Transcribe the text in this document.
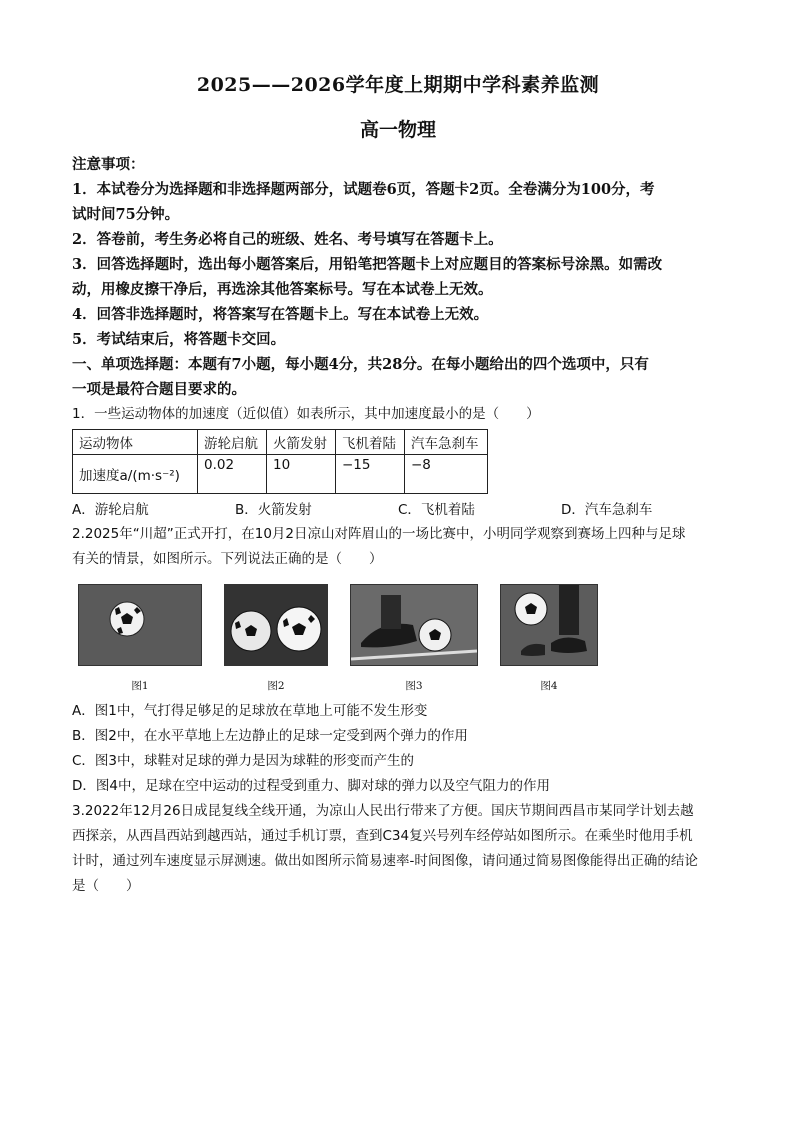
2025——2026学年度上期期中学科素养监测
高一物理

注意事项：

1．本试卷分为选择题和非选择题两部分，试题卷6页，答题卡2页。全卷满分为100分，考

试时间75分钟。

2．答卷前，考生务必将自己的班级、姓名、考号填写在答题卡上。

3．回答选择题时，选出每小题答案后，用铅笔把答题卡上对应题目的答案标号涂黑。如需改

动，用橡皮擦干净后，再选涂其他答案标号。写在本试卷上无效。

4．回答非选择题时，将答案写在答题卡上。写在本试卷上无效。

5．考试结束后，将答题卡交回。

一、单项选择题：本题有7小题，每小题4分，共28分。在每小题给出的四个选项中，只有

一项是最符合题目要求的。

1．一些运动物体的加速度（近似值）如表所示，其中加速度最小的是（　　）

运动物体	游轮启航	火箭发射	飞机着陆	汽车急刹车
加速度a/(m·s⁻²)	0.02	10	−15	−8
A．游轮启航	B．火箭发射	C．飞机着陆	D．汽车急刹车

2.2025年“川超”正式开打，在10月2日凉山对阵眉山的一场比赛中，小明同学观察到赛场上四种与足球

有关的情景，如图所示。下列说法正确的是（　　）

图1	图2	图3	图4

A．图1中，气打得足够足的足球放在草地上可能不发生形变

B．图2中，在水平草地上左边静止的足球一定受到两个弹力的作用

C．图3中，球鞋对足球的弹力是因为球鞋的形变而产生的

D．图4中，足球在空中运动的过程受到重力、脚对球的弹力以及空气阻力的作用

3.2022年12月26日成昆复线全线开通，为凉山人民出行带来了方便。国庆节期间西昌市某同学计划去越

西探亲，从西昌西站到越西站，通过手机订票，查到C34复兴号列车经停站如图所示。在乘坐时他用手机

计时，通过列车速度显示屏测速。做出如图所示简易速率-时间图像，请问通过简易图像能得出正确的结论

是（　　）
